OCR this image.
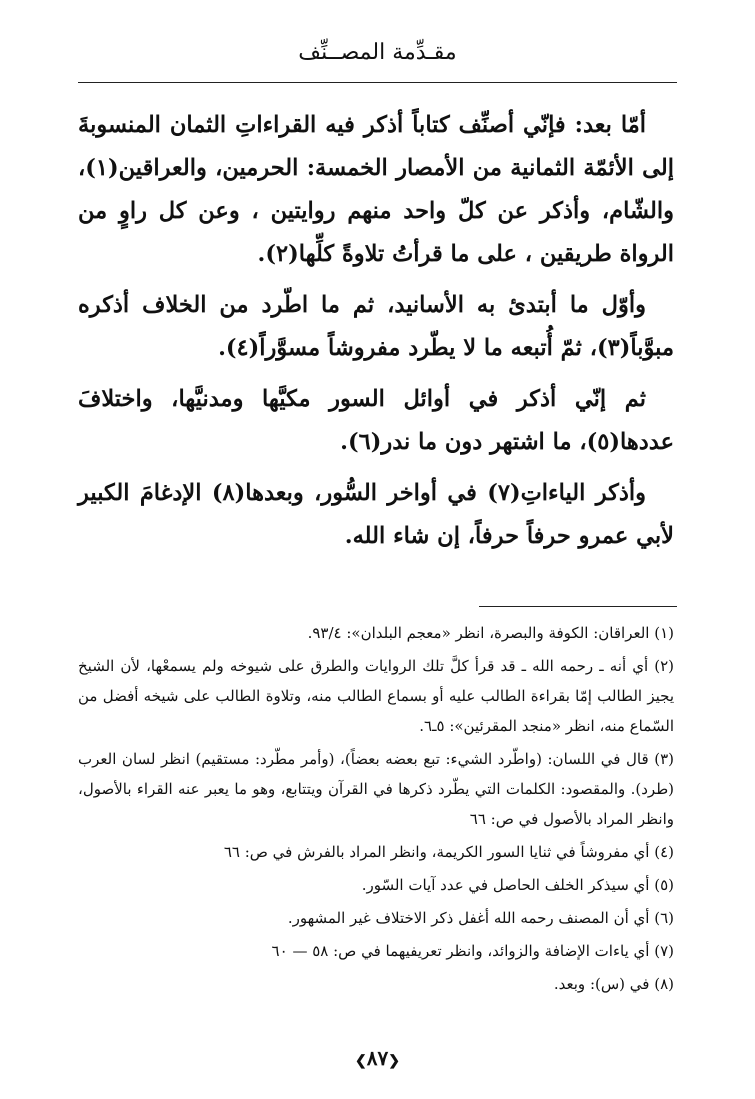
مقـدِّمة المصــنِّف

أمّا بعد: فإنّي أصنِّف كتاباً أذكر فيه القراءاتِ الثمان المنسوبةَ إلى الأئمّة الثمانية من الأمصار الخمسة: الحرمين، والعراقين(١)، والشّام، وأذكر عن كلّ واحد منهم روايتين ، وعن كل راوٍ من الرواة طريقين ، على ما قرأتُ تلاوةً كلِّها(٢).

وأوّل ما أبتدئ به الأسانيد، ثم ما اطّرد من الخلاف أذكره مبوَّباً(٣)، ثمّ أُتبعه ما لا يطّرد مفروشاً مسوَّراً(٤).

ثم إنّي أذكر في أوائل السور مكيَّها ومدنيَّها، واختلافَ عددها(٥)، ما اشتهر دون ما ندر(٦).

وأذكر الياءاتِ(٧) في أواخر السُّور، وبعدها(٨) الإدغامَ الكبير لأبي عمرو حرفاً حرفاً، إن شاء الله.

(١) العراقان: الكوفة والبصرة، انظر «معجم البلدان»: ٩٣/٤.

(٢) أي أنه ـ رحمه الله ـ قد قرأ كلَّ تلك الروايات والطرق على شيوخه ولم يسمعْها، لأن الشيخ يجيز الطالب إمّا بقراءة الطالب عليه أو بسماع الطالب منه، وتلاوة الطالب على شيخه أفضل من السّماع منه، انظر «منجد المقرئين»: ٥ـ٦.

(٣) قال في اللسان: (واطّرد الشيء: تبع بعضه بعضاً)، (وأمر مطّرد: مستقيم) انظر لسان العرب (طرد). والمقصود: الكلمات التي يطّرد ذكرها في القرآن ويتتابع، وهو ما يعبر عنه القراء بالأصول، وانظر المراد بالأصول في ص: ٦٦

(٤) أي مفروشاً في ثنايا السور الكريمة، وانظر المراد بالفرش في ص: ٦٦

(٥) أي سيذكر الخلف الحاصل في عدد آيات السّور.

(٦) أي أن المصنف رحمه الله أغفل ذكر الاختلاف غير المشهور.

(٧) أي ياءات الإضافة والزوائد، وانظر تعريفيهما في ص: ٥٨ — ٦٠

(٨) في (س): وبعد.

❮٨٧❯
